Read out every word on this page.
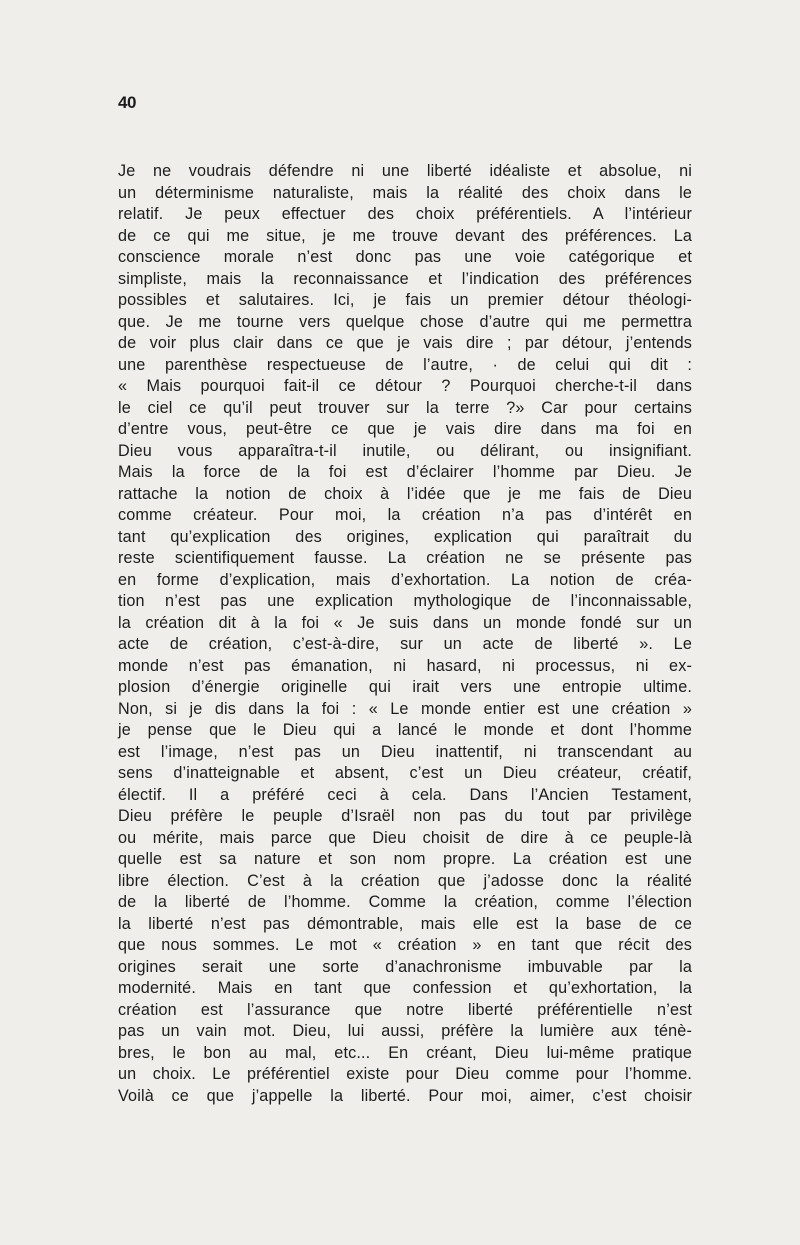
40
Je ne voudrais défendre ni une liberté idéaliste et absolue, ni
un déterminisme naturaliste, mais la réalité des choix dans le
relatif. Je peux effectuer des choix préférentiels. A l’intérieur
de ce qui me situe, je me trouve devant des préférences. La
conscience morale n’est donc pas une voie catégorique et
simpliste, mais la reconnaissance et l’indication des préférences
possibles et salutaires. Ici, je fais un premier détour théologi-
que. Je me tourne vers quelque chose d’autre qui me permettra
de voir plus clair dans ce que je vais dire ; par détour, j’entends
une parenthèse respectueuse de l’autre, · de celui qui dit :
« Mais pourquoi fait-il ce détour ? Pourquoi cherche-t-il dans
le ciel ce qu’il peut trouver sur la terre ?» Car pour certains
d’entre vous, peut-être ce que je vais dire dans ma foi en
Dieu vous apparaîtra-t-il inutile, ou délirant, ou insignifiant.
Mais la force de la foi est d’éclairer l’homme par Dieu. Je
rattache la notion de choix à l’idée que je me fais de Dieu
comme créateur. Pour moi, la création n’a pas d’intérêt en
tant qu’explication des origines, explication qui paraîtrait du
reste scientifiquement fausse. La création ne se présente pas
en forme d’explication, mais d’exhortation. La notion de créa-
tion n’est pas une explication mythologique de l’inconnaissable,
la création dit à la foi « Je suis dans un monde fondé sur un
acte de création, c’est-à-dire, sur un acte de liberté ». Le
monde n’est pas émanation, ni hasard, ni processus, ni ex-
plosion d’énergie originelle qui irait vers une entropie ultime.
Non, si je dis dans la foi : « Le monde entier est une création »
je pense que le Dieu qui a lancé le monde et dont l’homme
est l’image, n’est pas un Dieu inattentif, ni transcendant au
sens d’inatteignable et absent, c’est un Dieu créateur, créatif,
électif. Il a préféré ceci à cela. Dans l’Ancien Testament,
Dieu préfère le peuple d’Israël non pas du tout par privilège
ou mérite, mais parce que Dieu choisit de dire à ce peuple-là
quelle est sa nature et son nom propre. La création est une
libre élection. C’est à la création que j’adosse donc la réalité
de la liberté de l’homme. Comme la création, comme l’élection
la liberté n’est pas démontrable, mais elle est la base de ce
que nous sommes. Le mot « création » en tant que récit des
origines serait une sorte d’anachronisme imbuvable par la
modernité. Mais en tant que confession et qu’exhortation, la
création est l’assurance que notre liberté préférentielle n’est
pas un vain mot. Dieu, lui aussi, préfère la lumière aux ténè-
bres, le bon au mal, etc... En créant, Dieu lui-même pratique
un choix. Le préférentiel existe pour Dieu comme pour l’homme.
Voilà ce que j’appelle la liberté. Pour moi, aimer, c’est choisir
